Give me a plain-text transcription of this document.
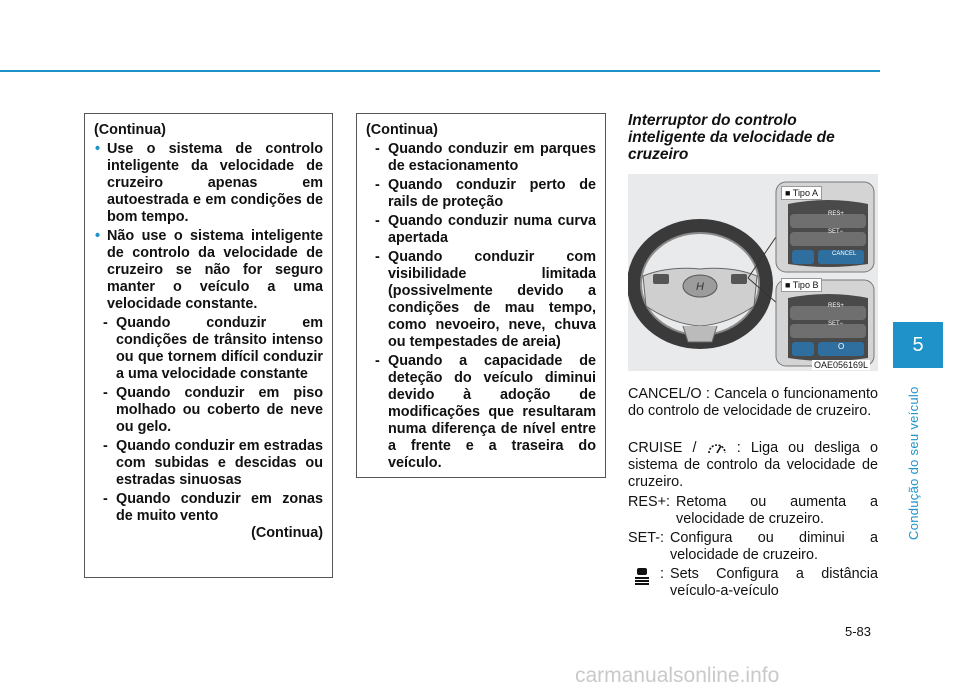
5
Condução do seu veículo

(Continua)

• Use o sistema de controlo inteligente da velocidade de cruzeiro apenas em autoestrada e em condições de bom tempo.

• Não use o sistema inteligente de controlo da velocidade de cruzeiro se não for seguro manter o veículo a uma velocidade constante.

- Quando conduzir em condições de trânsito intenso ou que tornem difícil conduzir a uma velocidade constante

- Quando conduzir em piso molhado ou coberto de neve ou gelo.

- Quando conduzir em estradas com subidas e descidas ou estradas sinuosas

- Quando conduzir em zonas de muito vento

(Continua)

(Continua)

- Quando conduzir em parques de estacionamento

- Quando conduzir perto de rails de proteção

- Quando conduzir numa curva apertada

- Quando conduzir com visibilidade limitada (possivelmente devido a condições de mau tempo, como nevoeiro, neve, chuva ou tempestades de areia)

- Quando a capacidade de deteção do veículo diminui devido à adoção de modificações que resultaram numa diferença de nível entre a frente e a traseira do veículo.

Interruptor do controlo inteligente da velocidade de cruzeiro
H
■ Tipo A
RES+
SET−
CANCEL
■ Tipo B
RES+
SET−
O
OAE056169L
CANCEL/O : Cancela o funcionamento do controlo de velocidade de cruzeiro.
CRUISE /	: Liga ou desliga o sistema de controlo da velocidade de cruzeiro.
RES+: Retoma ou aumenta a velocidade de cruzeiro.
SET-: Configura ou diminui a velocidade de cruzeiro.
: Sets Configura a distância veículo-a-veículo
5-83
carmanualsonline.info
